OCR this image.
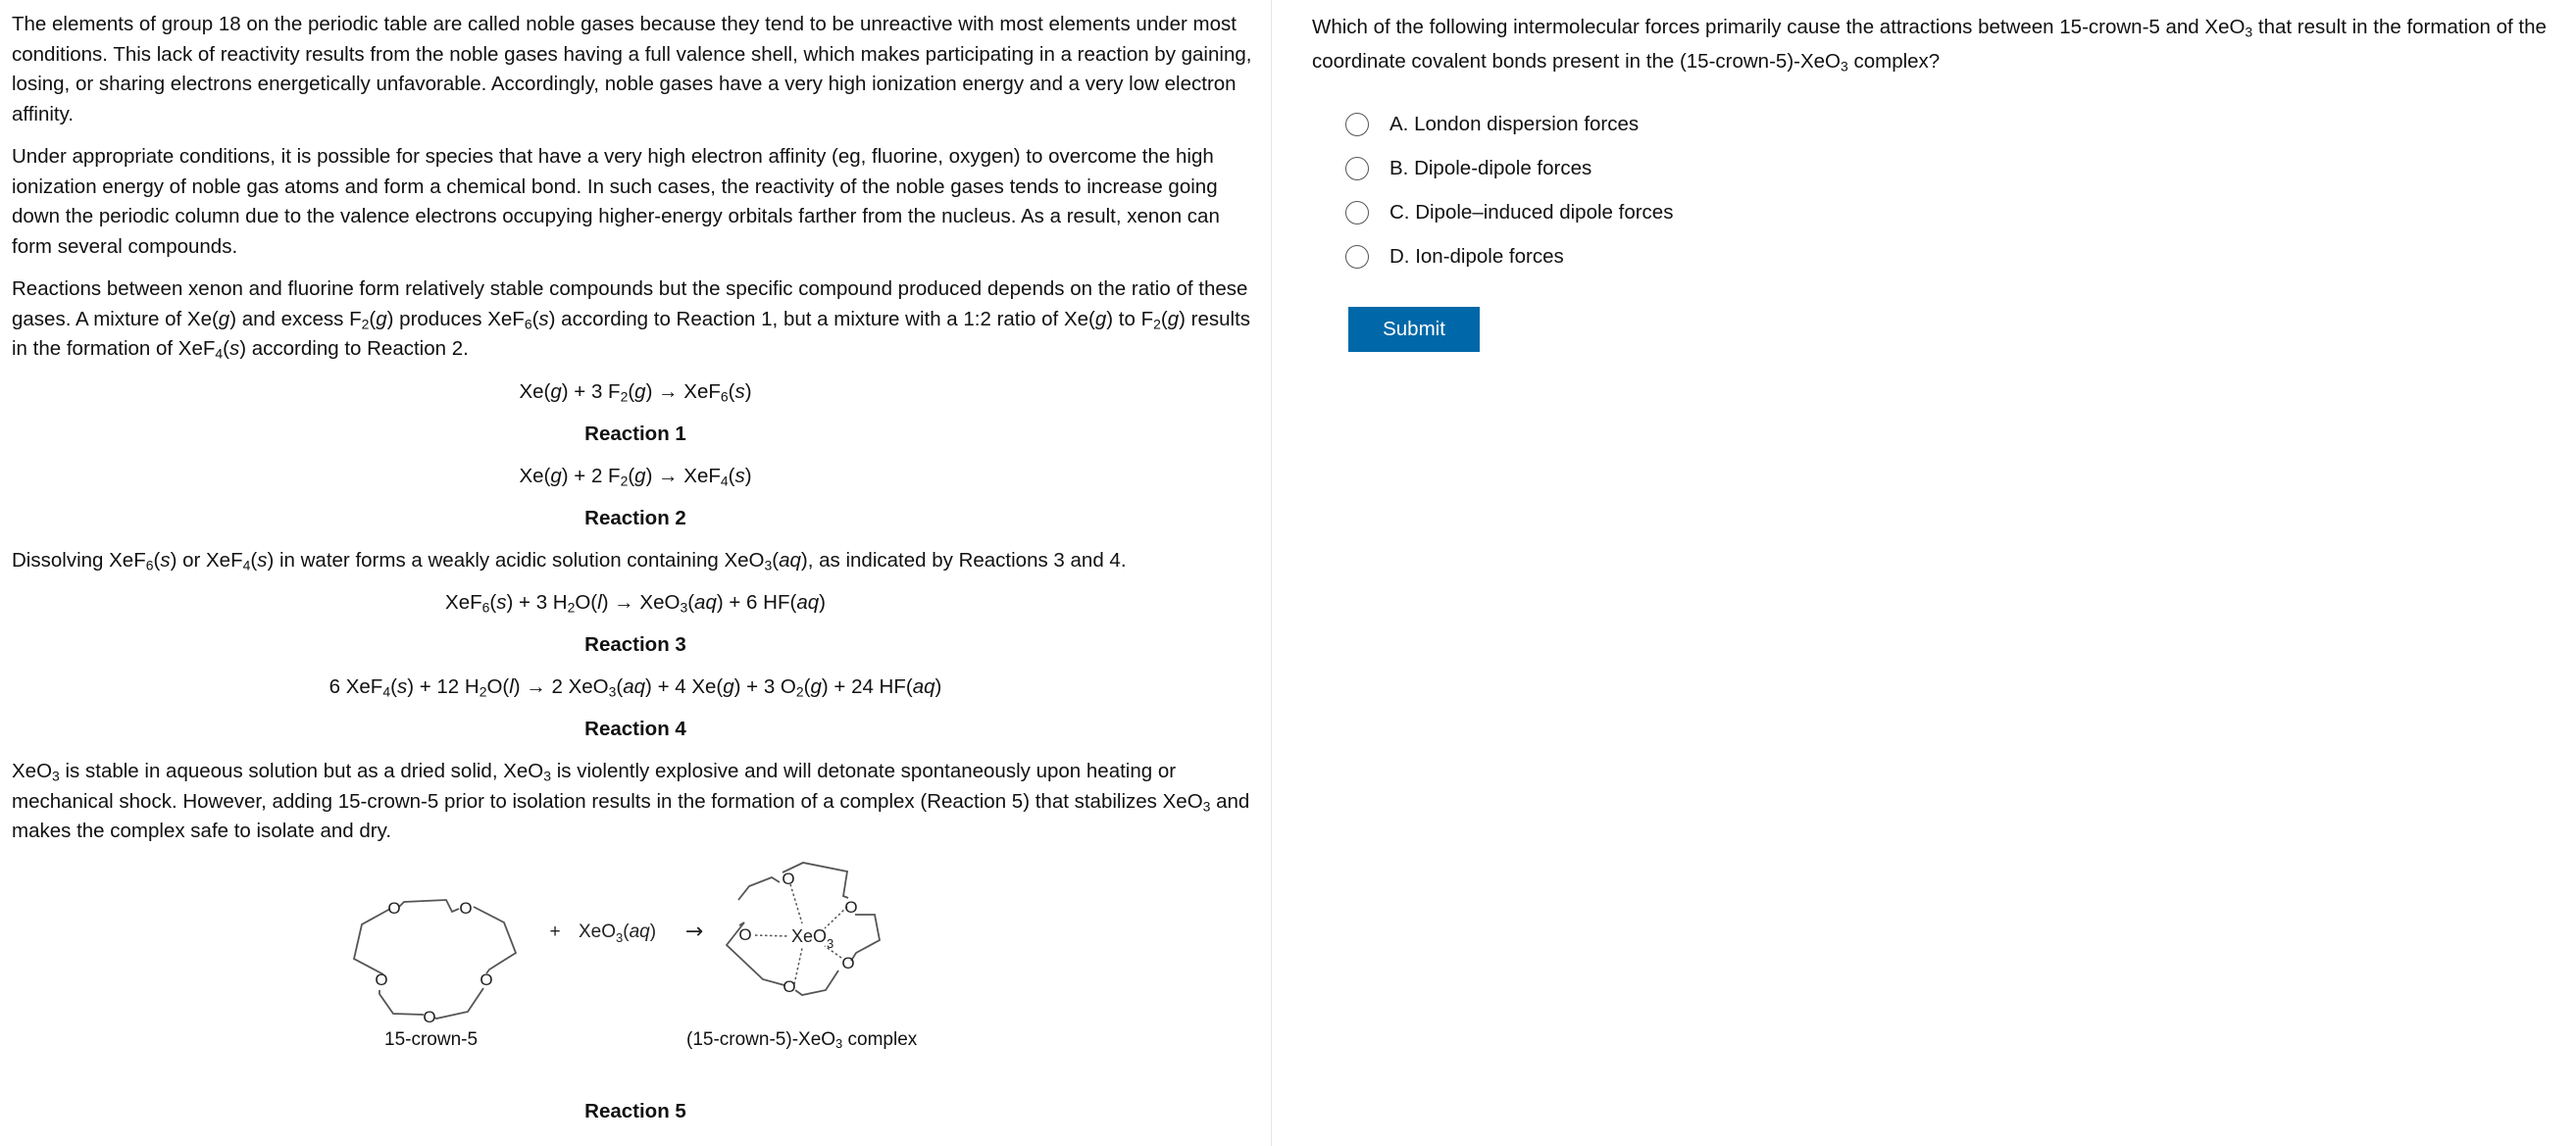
The elements of group 18 on the periodic table are called noble gases because they tend to be unreactive with most elements under most conditions. This lack of reactivity results from the noble gases having a full valence shell, which makes participating in a reaction by gaining, losing, or sharing electrons energetically unfavorable. Accordingly, noble gases have a very high ionization energy and a very low electron affinity.

Under appropriate conditions, it is possible for species that have a very high electron affinity (eg, fluorine, oxygen) to overcome the high ionization energy of noble gas atoms and form a chemical bond. In such cases, the reactivity of the noble gases tends to increase going down the periodic column due to the valence electrons occupying higher-energy orbitals farther from the nucleus. As a result, xenon can form several compounds.

Reactions between xenon and fluorine form relatively stable compounds but the specific compound produced depends on the ratio of these gases. A mixture of Xe(g) and excess $F_2(g)$ produces XeF$_6$(s) according to Reaction 1, but a mixture with a 1:2 ratio of Xe(g) to $F_2(g)$ results in the formation of XeF$_4$(s) according to Reaction 2.

Xe(g) + 3 $F_2(g) \to XeF_6(s)$

Reaction 1

Xe(g) + 2 $F_2(g) \to XeF_4(s)$

Reaction 2

Dissolving XeF$_6$(s) or XeF$_4$(s) in water forms a weakly acidic solution containing XeO$_3$(aq), as indicated by Reactions 3 and 4.

XeF$_6$(s) + 3 $H_2O(l) \to XeO_3(aq) + 6$ HF(aq)

Reaction 3

6 XeF$_4$(s) + 12 $H_2O(l) \to 2$ XeO$_3$(aq) + 4 Xe(g) + 3 $O_2(g) + 24$ HF(aq)

Reaction 4

XeO$_3$ is stable in aqueous solution but as a dried solid, XeO$_3$ is violently explosive and will detonate spontaneously upon heating or mechanical shock. However, adding 15-crown-5 prior to isolation results in the formation of a complex (Reaction 5) that stabilizes XeO$_3$ and makes the complex safe to isolate and dry.

O	O
O
O
O
+ XeO$_3$(aq) →
O
O
O
O
O XeO$_3$
15-crown-5	(15-crown-5)-XeO$_3$ complex

Reaction 5

Which of the following intermolecular forces primarily cause the attractions between 15-crown-5 and XeO$_3$ that result in the formation of the coordinate covalent bonds present in the (15-crown-5)-XeO$_3$ complex?

A.
London dispersion forces
B.
Dipole-dipole forces
C.
Dipole–induced dipole forces
D.
Ion-dipole forces
Submit
